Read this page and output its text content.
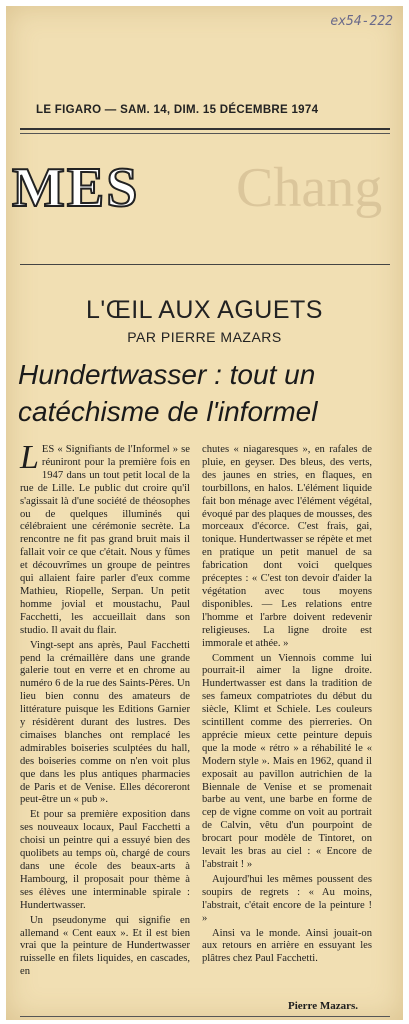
ex54-222
LE FIGARO — SAM. 14, DIM. 15 DÉCEMBRE 1974
MES Chang
L'ŒIL AUX AGUETS
PAR PIERRE MAZARS
Hundertwasser : tout un catéchisme de l'informel

LES « Signifiants de l'Informel » se réuniront pour la première fois en 1947 dans un tout petit local de la rue de Lille. Le public dut croire qu'il s'agissait là d'une société de théosophes ou de quelques illuminés qui célébraient une cérémonie secrète. La rencontre ne fit pas grand bruit mais il fallait voir ce que c'était. Nous y fûmes et découvrîmes un groupe de peintres qui allaient faire parler d'eux comme Mathieu, Riopelle, Serpan. Un petit homme jovial et moustachu, Paul Facchetti, les accueillait dans son studio. Il avait du flair.

Vingt-sept ans après, Paul Facchetti pend la crémaillère dans une grande galerie tout en verre et en chrome au numéro 6 de la rue des Saints-Pères. Un lieu bien connu des amateurs de littérature puisque les Editions Garnier y résidèrent durant des lustres. Des cimaises blanches ont remplacé les admirables boiseries sculptées du hall, des boiseries comme on n'en voit plus que dans les plus antiques pharmacies de Paris et de Venise. Elles décoreront peut-être un « pub ».

Et pour sa première exposition dans ses nouveaux locaux, Paul Facchetti a choisi un peintre qui a essuyé bien des quolibets au temps où, chargé de cours dans une école des beaux-arts à Hambourg, il proposait pour thème à ses élèves une interminable spirale : Hundertwasser.

Un pseudonyme qui signifie en allemand « Cent eaux ». Et il est bien vrai que la peinture de Hundertwasser ruisselle en filets liquides, en cascades, en

chutes « niagaresques », en rafales de pluie, en geyser. Des bleus, des verts, des jaunes en stries, en flaques, en tourbillons, en halos. L'élément liquide fait bon ménage avec l'élément végétal, évoqué par des plaques de mousses, des morceaux d'écorce. C'est frais, gai, tonique. Hundertwasser se répète et met en pratique un petit manuel de sa fabrication dont voici quelques préceptes : « C'est ton devoir d'aider la végétation avec tous moyens disponibles. — Les relations entre l'homme et l'arbre doivent redevenir religieuses. La ligne droite est immorale et athée. »

Comment un Viennois comme lui pourrait-il aimer la ligne droite. Hundertwasser est dans la tradition de ses fameux compatriotes du début du siècle, Klimt et Schiele. Les couleurs scintillent comme des pierreries. On apprécie mieux cette peinture depuis que la mode « rétro » a réhabilité le « Modern style ». Mais en 1962, quand il exposait au pavillon autrichien de la Biennale de Venise et se promenait barbe au vent, une barbe en forme de cep de vigne comme on voit au portrait de Calvin, vêtu d'un pourpoint de brocart pour modèle de Tintoret, on levait les bras au ciel : « Encore de l'abstrait ! »

Aujourd'hui les mêmes poussent des soupirs de regrets : « Au moins, l'abstrait, c'était encore de la peinture ! »

Ainsi va le monde. Ainsi jouait-on aux retours en arrière en essuyant les plâtres chez Paul Facchetti.

Pierre Mazars.
